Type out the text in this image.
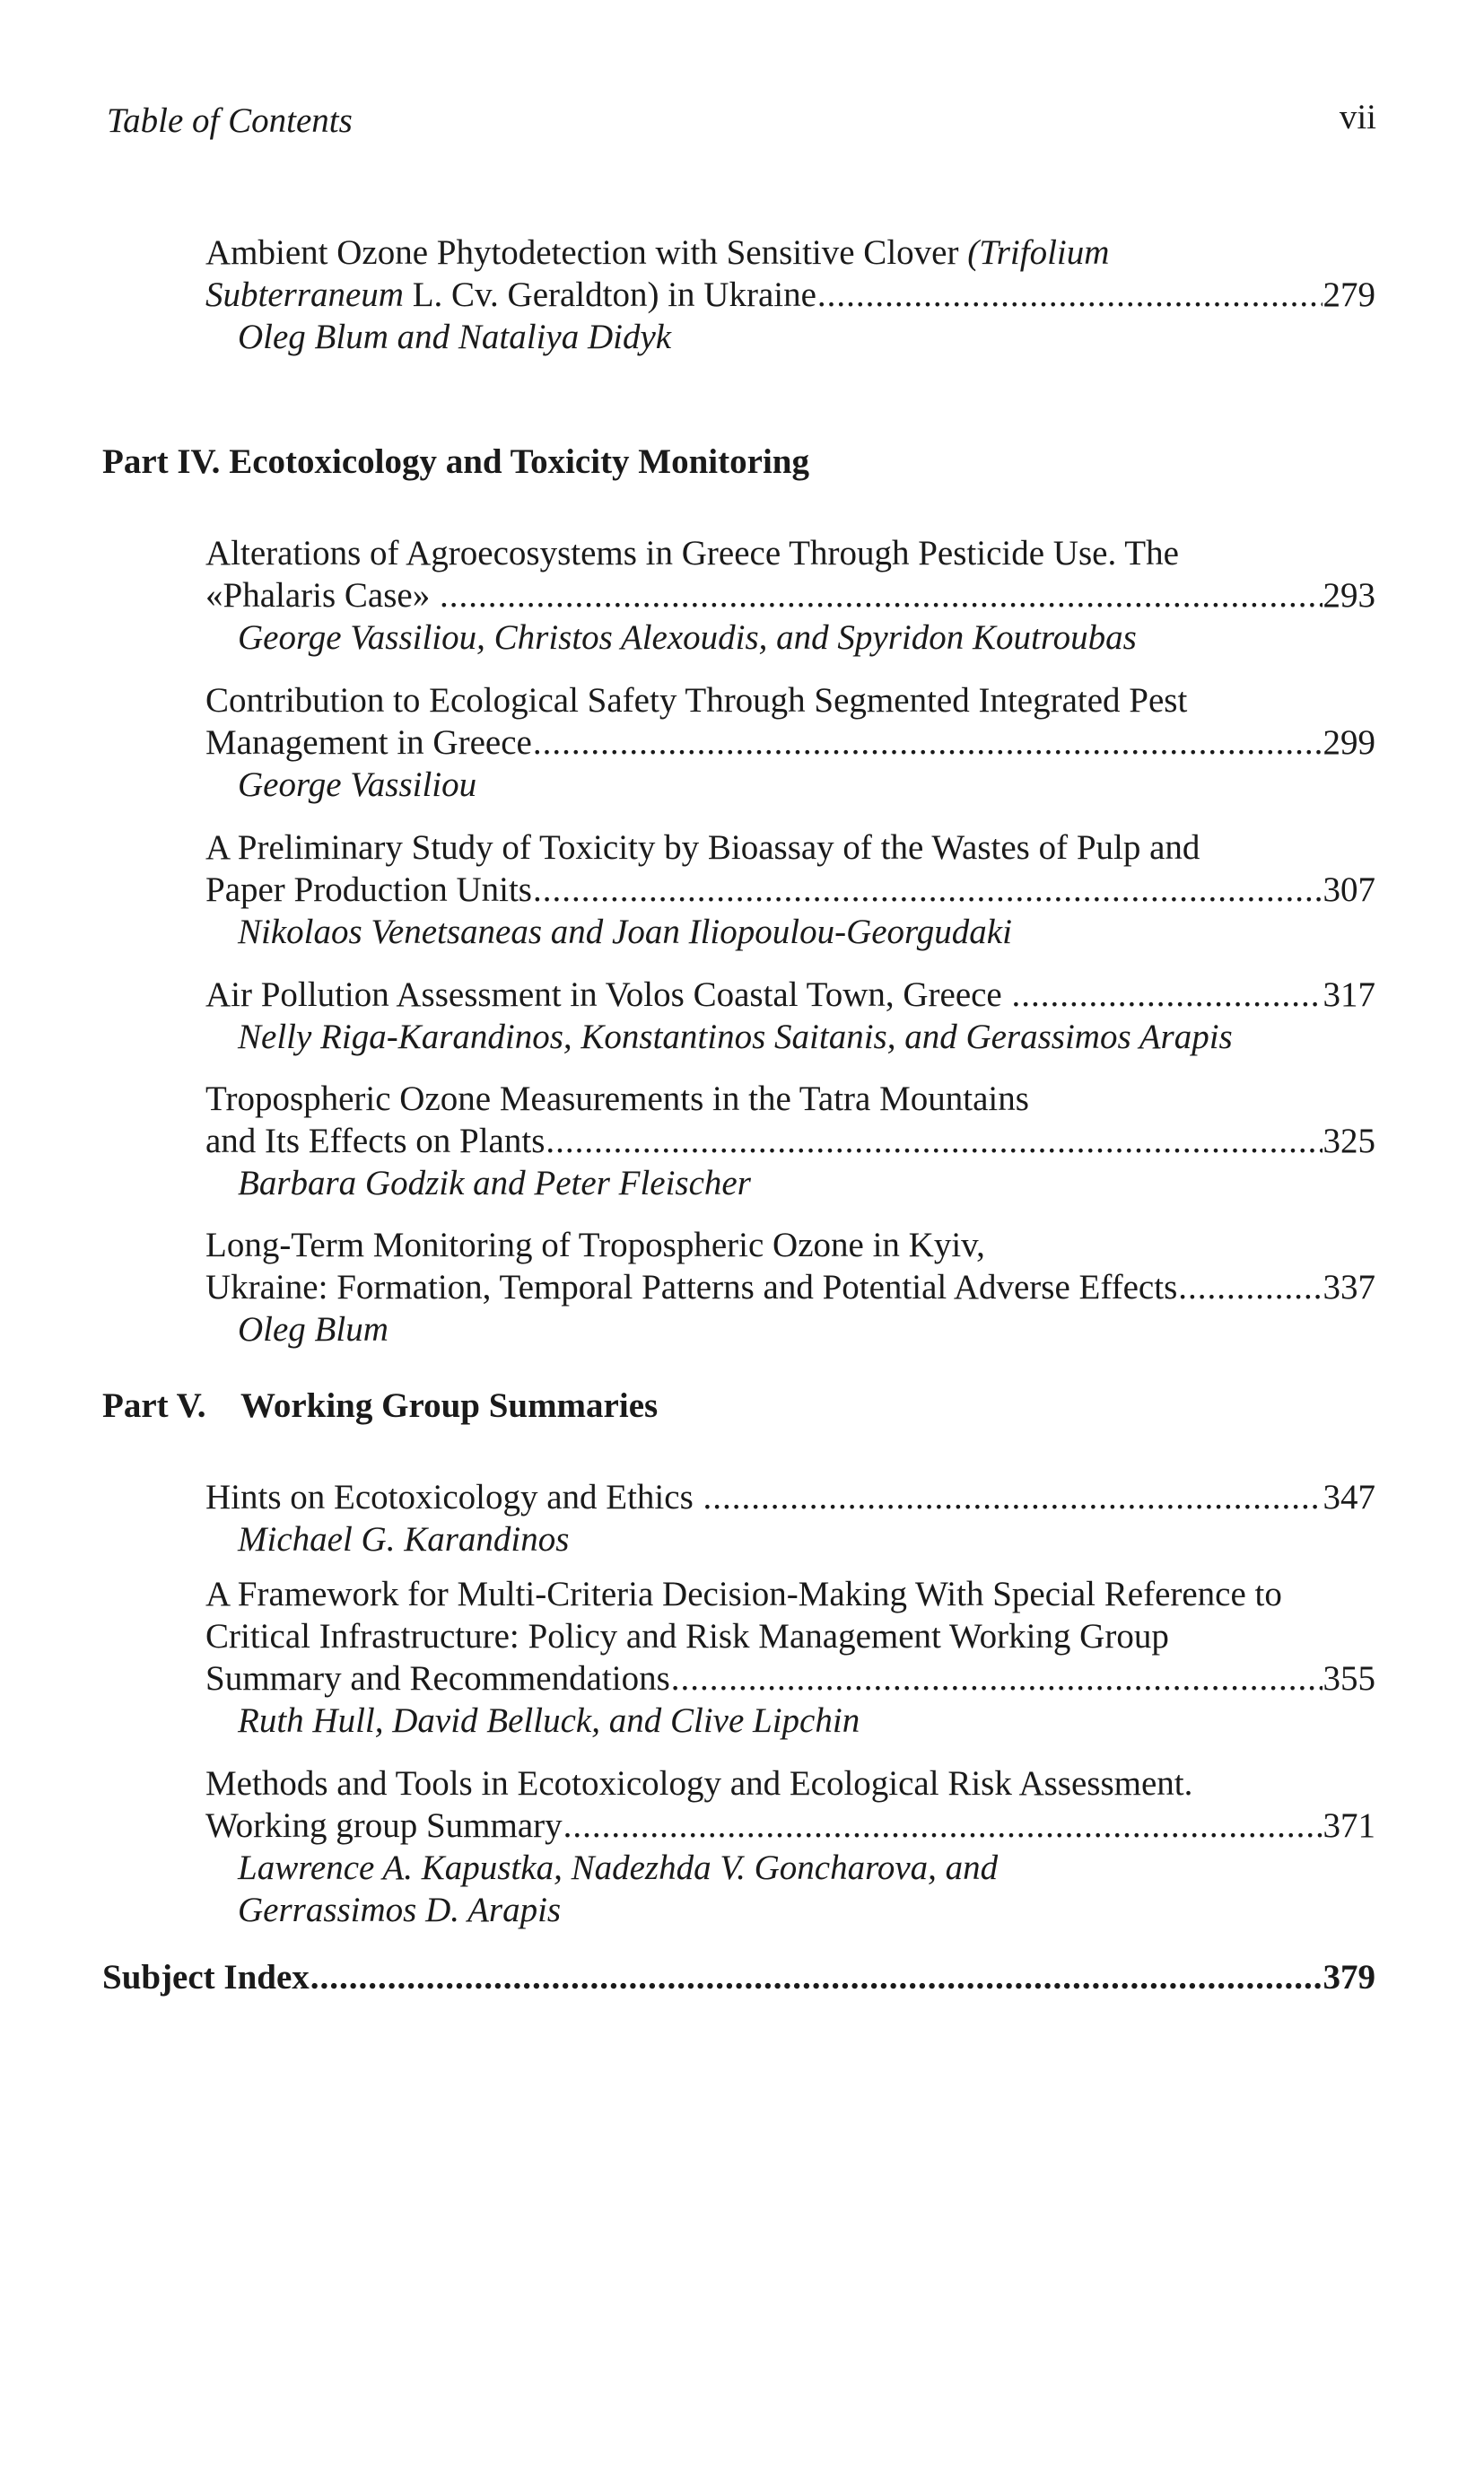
Table of Contents	vii
Ambient Ozone Phytodetection with Sensitive Clover (Trifolium
Subterraneum L. Cv. Geraldton) in Ukraine .....	279
Oleg Blum and Nataliya Didyk
Part IV. Ecotoxicology and Toxicity Monitoring
Alterations of Agroecosystems in Greece Through Pesticide Use. The
«Phalaris Case» .....	293
George Vassiliou, Christos Alexoudis, and Spyridon Koutroubas
Contribution to Ecological Safety Through Segmented Integrated Pest
Management in Greece .....	299
George Vassiliou
A Preliminary Study of Toxicity by Bioassay of the Wastes of Pulp and
Paper Production Units .....	307
Nikolaos Venetsaneas and Joan Iliopoulou-Georgudaki
Air Pollution Assessment in Volos Coastal Town, Greece .....	317
Nelly Riga-Karandinos, Konstantinos Saitanis, and Gerassimos Arapis
Tropospheric Ozone Measurements in the Tatra Mountains
and Its Effects on Plants .....	325
Barbara Godzik and Peter Fleischer
Long-Term Monitoring of Tropospheric Ozone in Kyiv,
Ukraine: Formation, Temporal Patterns and Potential Adverse Effects .....	337
Oleg Blum
Part V. Working Group Summaries
Hints on Ecotoxicology and Ethics .....	347
Michael G. Karandinos
A Framework for Multi-Criteria Decision-Making With Special Reference to
Critical Infrastructure: Policy and Risk Management Working Group
Summary and Recommendations .....	355
Ruth Hull, David Belluck, and Clive Lipchin
Methods and Tools in Ecotoxicology and Ecological Risk Assessment.
Working group Summary .....	371
Lawrence A. Kapustka, Nadezhda V. Goncharova, and
Gerrassimos D. Arapis
Subject Index .....	379
